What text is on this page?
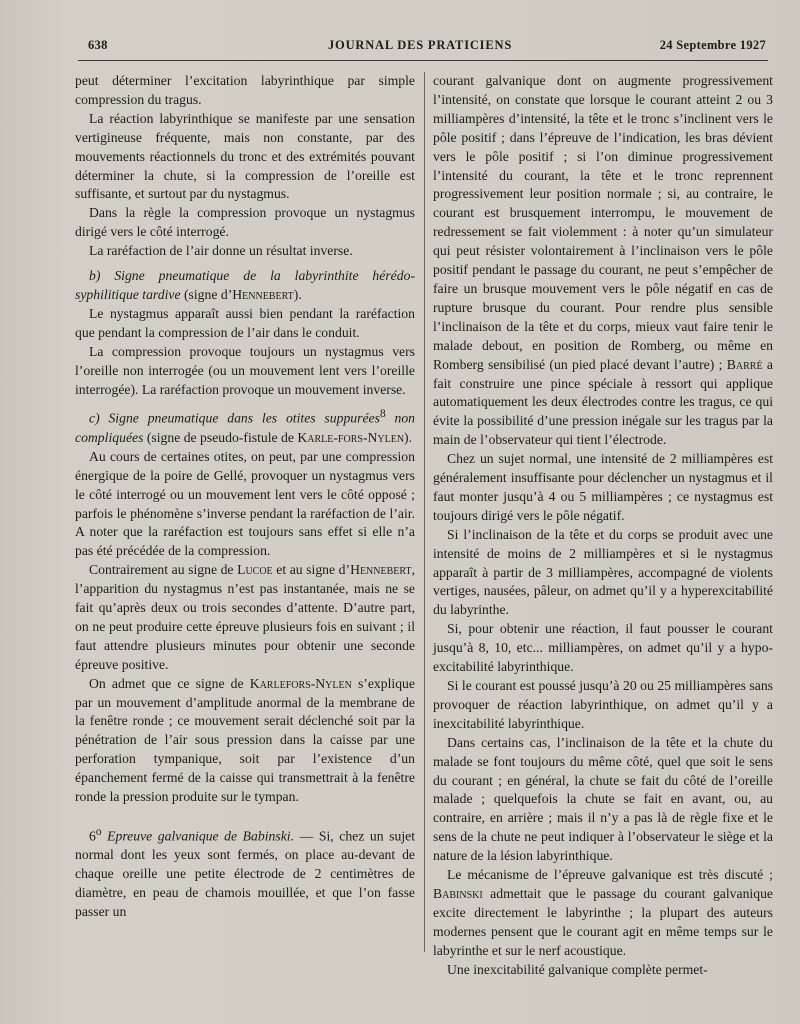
638	JOURNAL DES PRATICIENS	24 Septembre 1927

peut déterminer l’excitation labyrinthique par simple compression du tragus.

La réaction labyrinthique se manifeste par une sensation vertigineuse fréquente, mais non constante, par des mouvements réactionnels du tronc et des extrémités pouvant déterminer la chute, si la compression de l’oreille est suffisante, et surtout par du nystagmus.

Dans la règle la compression provoque un nystagmus dirigé vers le côté interrogé.

La raréfaction de l’air donne un résultat inverse.

b) Signe pneumatique de la labyrinthite hérédo-syphilitique tardive (signe d’Hennebert).

Le nystagmus apparaît aussi bien pendant la raréfaction que pendant la compression de l’air dans le conduit.

La compression provoque toujours un nystagmus vers l’oreille non interrogée (ou un mouvement lent vers l’oreille interrogée). La raréfaction provoque un mouvement inverse.

c) Signe pneumatique dans les otites suppurées$^8$ non compliquées (signe de pseudo-fistule de Karle-fors-Nylen).

Au cours de certaines otites, on peut, par une compression énergique de la poire de Gellé, provoquer un nystagmus vers le côté interrogé ou un mouvement lent vers le côté opposé ; parfois le phénomène s’inverse pendant la raréfaction de l’air. A noter que la raréfaction est toujours sans effet si elle n’a pas été précédée de la compression.

Contrairement au signe de Lucoe et au signe d’Hennebert, l’apparition du nystagmus n’est pas instantanée, mais ne se fait qu’après deux ou trois secondes d’attente. D’autre part, on ne peut produire cette épreuve plusieurs fois en suivant ; il faut attendre plusieurs minutes pour obtenir une seconde épreuve positive.

On admet que ce signe de Karlefors-Nylen s’explique par un mouvement d’amplitude anormal de la membrane de la fenêtre ronde ; ce mouvement serait déclenché soit par la pénétration de l’air sous pression dans la caisse par une perforation tympanique, soit par l’existence d’un épanchement fermé de la caisse qui transmettrait à la fenêtre ronde la pression produite sur le tympan.

6$^o$ Epreuve galvanique de Babinski. — Si, chez un sujet normal dont les yeux sont fermés, on place au-devant de chaque oreille une petite électrode de 2 centimètres de diamètre, en peau de chamois mouillée, et que l’on fasse passer un

courant galvanique dont on augmente progressivement l’intensité, on constate que lorsque le courant atteint 2 ou 3 milliampères d’intensité, la tête et le tronc s’inclinent vers le pôle positif ; dans l’épreuve de l’indication, les bras dévient vers le pôle positif ; si l’on diminue progressivement l’intensité du courant, la tête et le tronc reprennent progressivement leur position normale ; si, au contraire, le courant est brusquement interrompu, le mouvement de redressement se fait violemment : à noter qu’un simulateur qui peut résister volontairement à l’inclinaison vers le pôle positif pendant le passage du courant, ne peut s’empêcher de faire un brusque mouvement vers le pôle négatif en cas de rupture brusque du courant. Pour rendre plus sensible l’inclinaison de la tête et du corps, mieux vaut faire tenir le malade debout, en position de Romberg, ou même en Romberg sensibilisé (un pied placé devant l’autre) ; Barré a fait construire une pince spéciale à ressort qui applique automatiquement les deux électrodes contre les tragus, ce qui évite la possibilité d’une pression inégale sur les tragus par la main de l’observateur qui tient l’électrode.

Chez un sujet normal, une intensité de 2 milliampères est généralement insuffisante pour déclencher un nystagmus et il faut monter jusqu’à 4 ou 5 milliampères ; ce nystagmus est toujours dirigé vers le pôle négatif.

Si l’inclinaison de la tête et du corps se produit avec une intensité de moins de 2 milliampères et si le nystagmus apparaît à partir de 3 milliampères, accompagné de violents vertiges, nausées, pâleur, on admet qu’il y a hyperexcitabilité du labyrinthe.

Si, pour obtenir une réaction, il faut pousser le courant jusqu’à 8, 10, etc... milliampères, on admet qu’il y a hypo-excitabilité labyrinthique.

Si le courant est poussé jusqu’à 20 ou 25 milliampères sans provoquer de réaction labyrinthique, on admet qu’il y a inexcitabilité labyrinthique.

Dans certains cas, l’inclinaison de la tête et la chute du malade se font toujours du même côté, quel que soit le sens du courant ; en général, la chute se fait du côté de l’oreille malade ; quelquefois la chute se fait en avant, ou, au contraire, en arrière ; mais il n’y a pas là de règle fixe et le sens de la chute ne peut indiquer à l’observateur le siège et la nature de la lésion labyrinthique.

Le mécanisme de l’épreuve galvanique est très discuté ; Babinski admettait que le passage du courant galvanique excite directement le labyrinthe ; la plupart des auteurs modernes pensent que le courant agit en même temps sur le labyrinthe et sur le nerf acoustique.

Une inexcitabilité galvanique complète permet-
